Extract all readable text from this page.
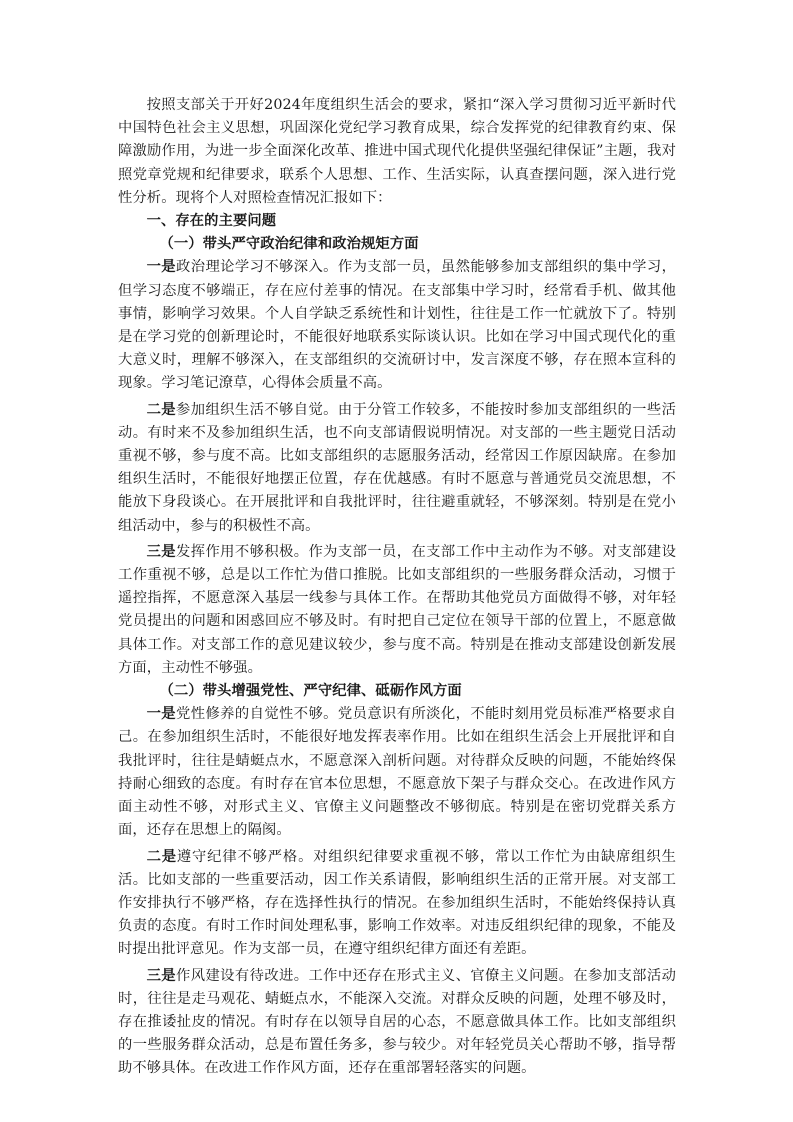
按照支部关于开好2024年度组织生活会的要求，紧扣“深入学习贯彻习近平新时代中国特色社会主义思想，巩固深化党纪学习教育成果，综合发挥党的纪律教育约束、保障激励作用，为进一步全面深化改革、推进中国式现代化提供坚强纪律保证”主题，我对照党章党规和纪律要求，联系个人思想、工作、生活实际，认真查摆问题，深入进行党性分析。现将个人对照检查情况汇报如下：

一、存在的主要问题
（一）带头严守政治纪律和政治规矩方面

一是政治理论学习不够深入。作为支部一员，虽然能够参加支部组织的集中学习，但学习态度不够端正，存在应付差事的情况。在支部集中学习时，经常看手机、做其他事情，影响学习效果。个人自学缺乏系统性和计划性，往往是工作一忙就放下了。特别是在学习党的创新理论时，不能很好地联系实际谈认识。比如在学习中国式现代化的重大意义时，理解不够深入，在支部组织的交流研讨中，发言深度不够，存在照本宣科的现象。学习笔记潦草，心得体会质量不高。

二是参加组织生活不够自觉。由于分管工作较多，不能按时参加支部组织的一些活动。有时来不及参加组织生活，也不向支部请假说明情况。对支部的一些主题党日活动重视不够，参与度不高。比如支部组织的志愿服务活动，经常因工作原因缺席。在参加组织生活时，不能很好地摆正位置，存在优越感。有时不愿意与普通党员交流思想，不能放下身段谈心。在开展批评和自我批评时，往往避重就轻，不够深刻。特别是在党小组活动中，参与的积极性不高。

三是发挥作用不够积极。作为支部一员，在支部工作中主动作为不够。对支部建设工作重视不够，总是以工作忙为借口推脱。比如支部组织的一些服务群众活动，习惯于遥控指挥，不愿意深入基层一线参与具体工作。在帮助其他党员方面做得不够，对年轻党员提出的问题和困惑回应不够及时。有时把自己定位在领导干部的位置上，不愿意做具体工作。对支部工作的意见建议较少，参与度不高。特别是在推动支部建设创新发展方面，主动性不够强。

（二）带头增强党性、严守纪律、砥砺作风方面

一是党性修养的自觉性不够。党员意识有所淡化，不能时刻用党员标准严格要求自己。在参加组织生活时，不能很好地发挥表率作用。比如在组织生活会上开展批评和自我批评时，往往是蜻蜓点水，不愿意深入剖析问题。对待群众反映的问题，不能始终保持耐心细致的态度。有时存在官本位思想，不愿意放下架子与群众交心。在改进作风方面主动性不够，对形式主义、官僚主义问题整改不够彻底。特别是在密切党群关系方面，还存在思想上的隔阂。

二是遵守纪律不够严格。对组织纪律要求重视不够，常以工作忙为由缺席组织生活。比如支部的一些重要活动，因工作关系请假，影响组织生活的正常开展。对支部工作安排执行不够严格，存在选择性执行的情况。在参加组织生活时，不能始终保持认真负责的态度。有时工作时间处理私事，影响工作效率。对违反组织纪律的现象，不能及时提出批评意见。作为支部一员，在遵守组织纪律方面还有差距。

三是作风建设有待改进。工作中还存在形式主义、官僚主义问题。在参加支部活动时，往往是走马观花、蜻蜓点水，不能深入交流。对群众反映的问题，处理不够及时，存在推诿扯皮的情况。有时存在以领导自居的心态，不愿意做具体工作。比如支部组织的一些服务群众活动，总是布置任务多，参与较少。对年轻党员关心帮助不够，指导帮助不够具体。在改进工作作风方面，还存在重部署轻落实的问题。
